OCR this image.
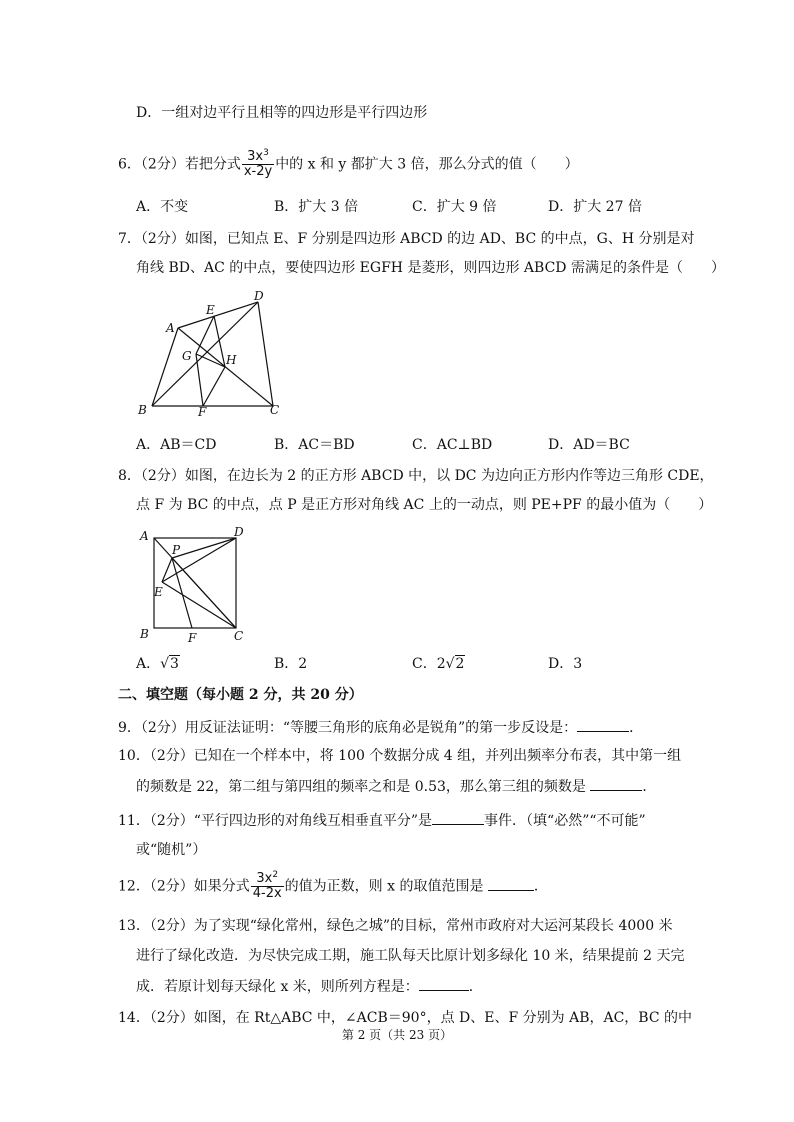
D．一组对边平行且相等的四边形是平行四边形
6．（2分）若把分式 $\frac{3x^3}{x-2y}$ 中的 x 和 y 都扩大 3 倍，那么分式的值（　　）
A．不变	B．扩大 3 倍	C．扩大 9 倍	D．扩大 27 倍
7．（2分）如图，已知点 E、F 分别是四边形 ABCD 的边 AD、BC 的中点，G、H 分别是对
角线 BD、AC 的中点，要使四边形 EGFH 是菱形，则四边形 ABCD 需满足的条件是（　　）
A
B	C
D
E
F
G	H
A．AB＝CD	B．AC＝BD	C．AC⊥BD	D．AD＝BC
8．（2分）如图，在边长为 2 的正方形 ABCD 中，以 DC 为边向正方形内作等边三角形 CDE，
点 F 为 BC 的中点，点 P 是正方形对角线 AC 上的一动点，则 PE+PF 的最小值为（　　）
A
B	C
D
E
F
P
A．√3	B．2	C．2√2	D．3
二、填空题（每小题 2 分，共 20 分）
9．（2分）用反证法证明：“等腰三角形的底角必是锐角”的第一步反设是：	．
10．（2分）已知在一个样本中，将 100 个数据分成 4 组，并列出频率分布表，其中第一组
的频数是 22，第二组与第四组的频率之和是 0.53，那么第三组的频数是	．
11．（2分）“平行四边形的对角线互相垂直平分”是	事件．（填“必然”“不可能”
或“随机”）
12．（2分）如果分式 $\frac{3x^2}{4-2x}$ 的值为正数，则 x 的取值范围是	．
13．（2分）为了实现“绿化常州，绿色之城”的目标，常州市政府对大运河某段长 4000 米
进行了绿化改造．为尽快完成工期，施工队每天比原计划多绿化 10 米，结果提前 2 天完
成．若原计划每天绿化 x 米，则所列方程是：	．
14．（2分）如图，在 Rt△ABC 中，∠ACB＝90°，点 D、E、F 分别为 AB，AC，BC 的中
第 2 页（共 23 页）
